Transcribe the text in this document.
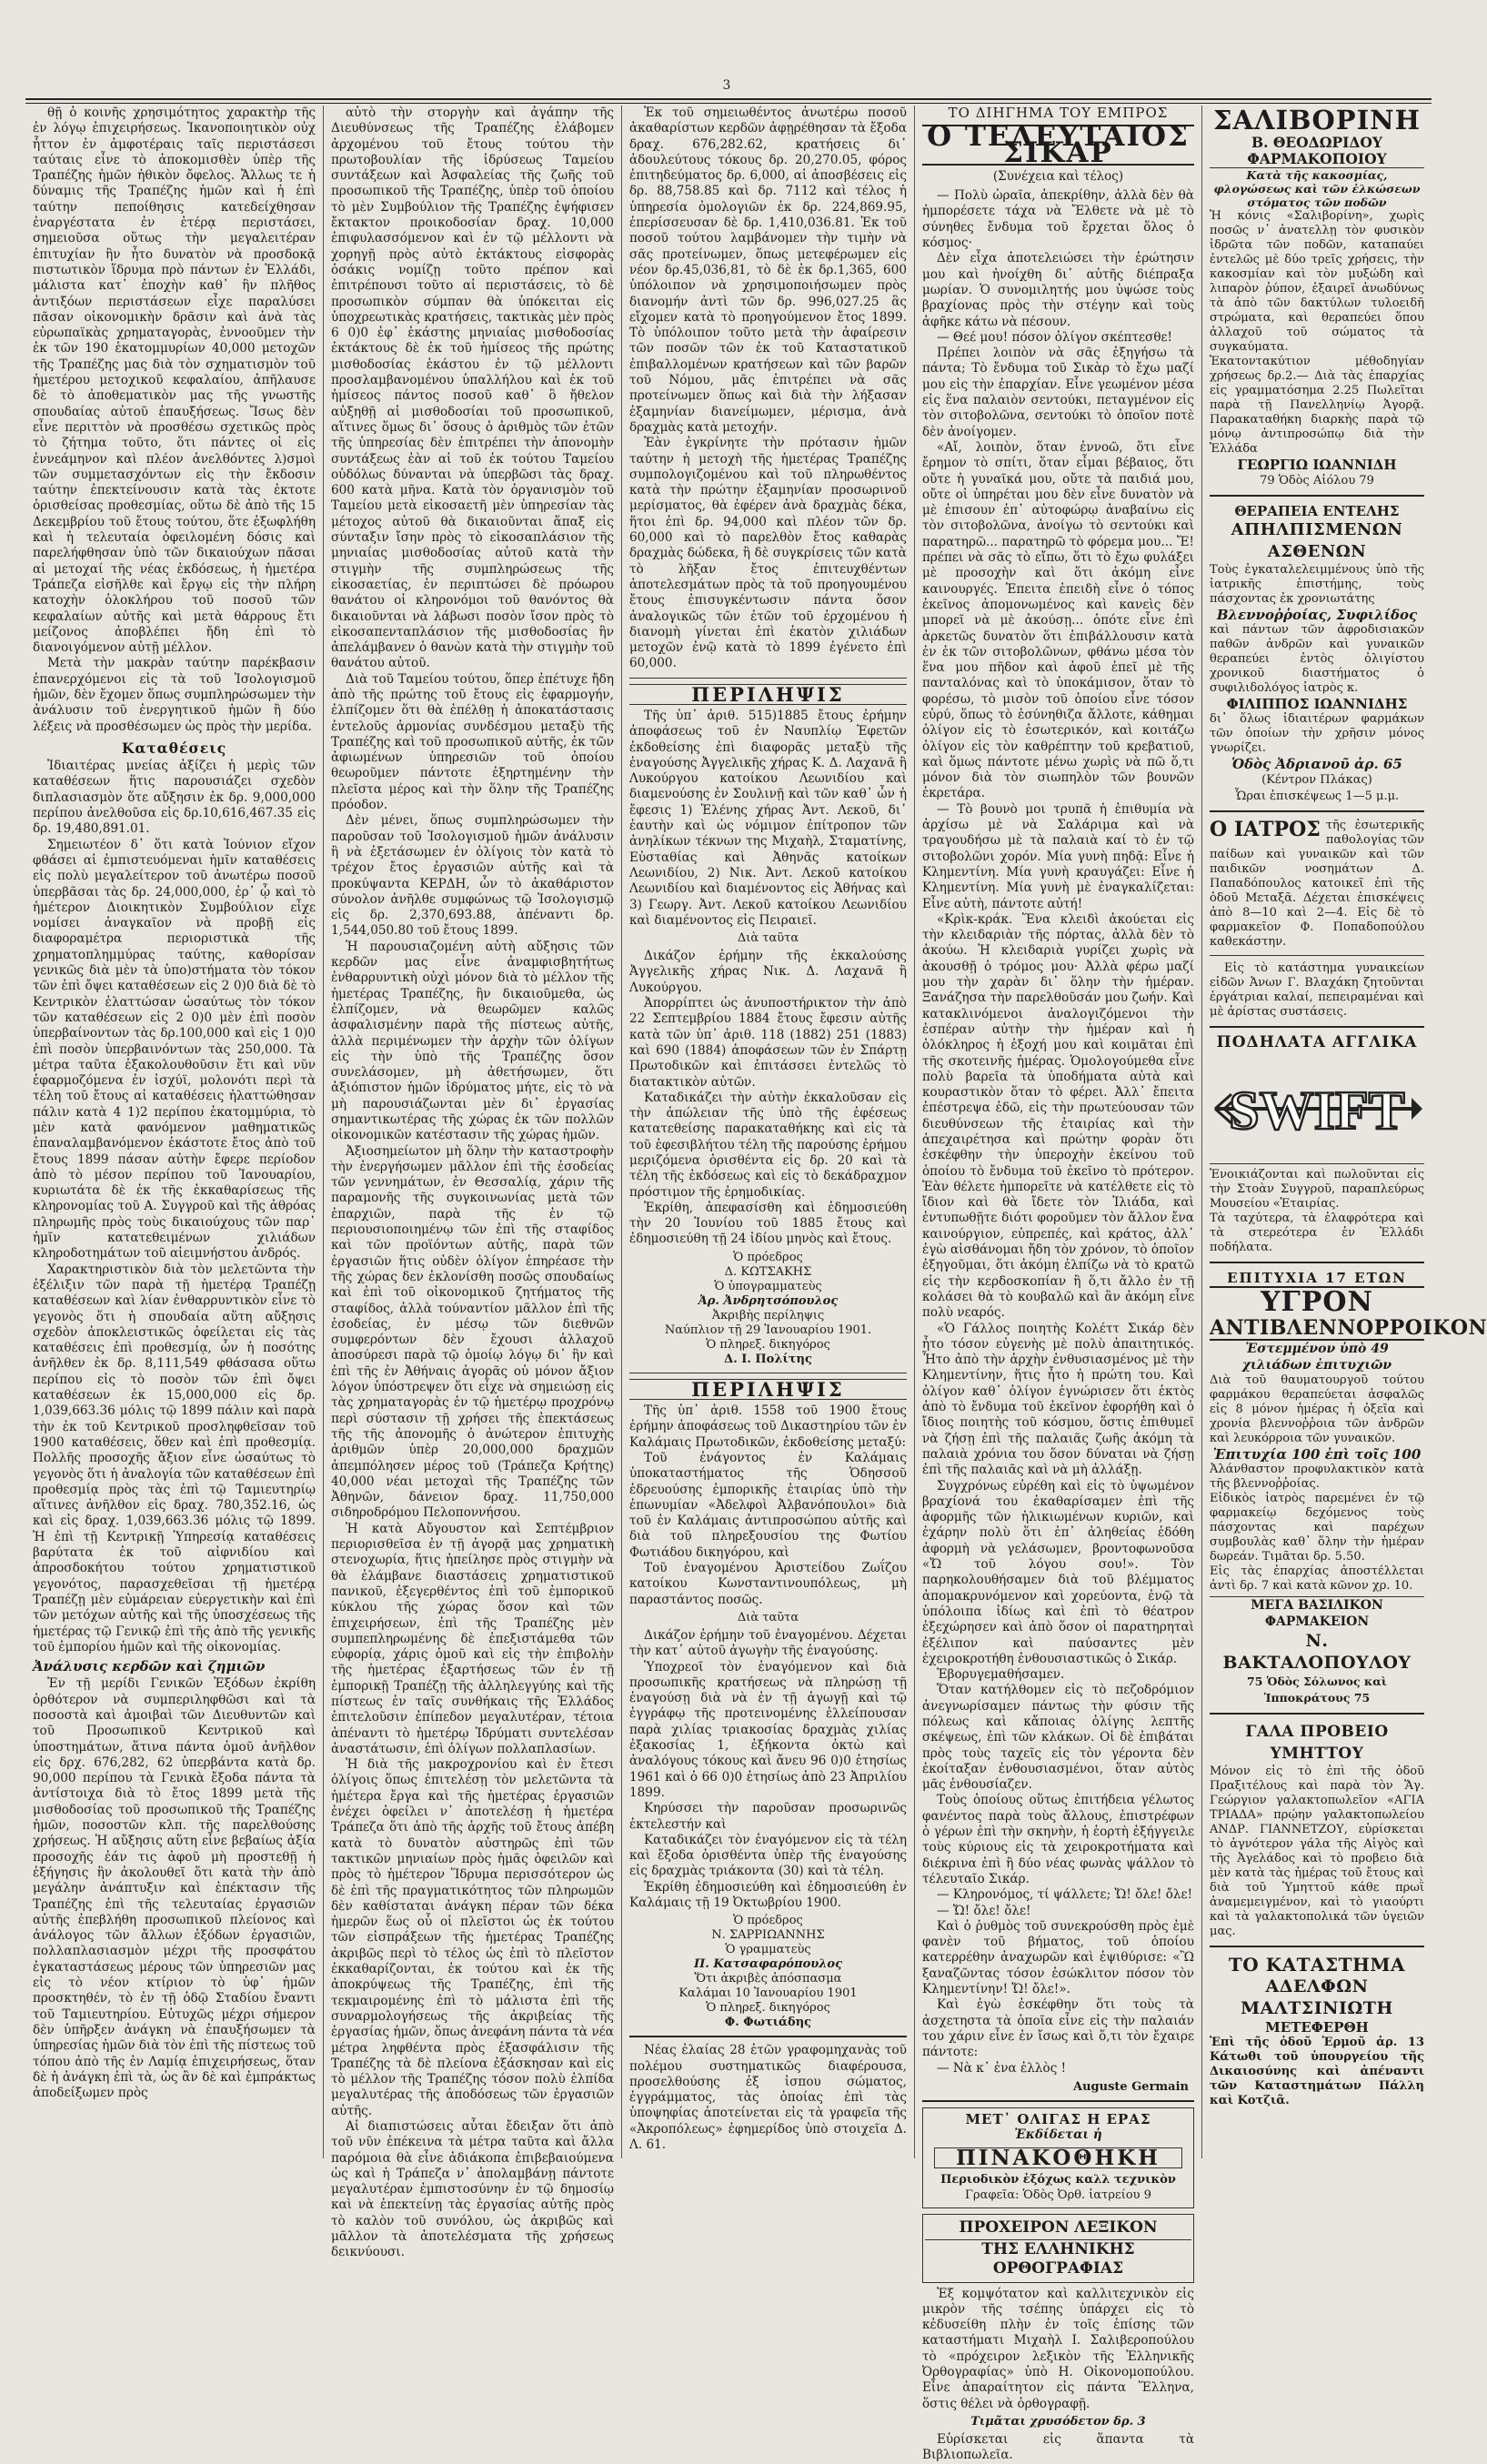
3

θῇ ὁ κοινῆς χρησιμότητος χαρακτὴρ τῆς ἐν λόγῳ ἐπιχειρήσεως. Ἱκανοποιητικὸν οὐχ ἧττον ἐν ἀμφοτέραις ταῖς περιστάσεσι ταύταις εἶνε τὸ ἀποκομισθὲν ὑπὲρ τῆς Τραπέζης ἡμῶν ἠθικὸν ὄφελος. Ἄλλως τε ἡ δύναμις τῆς Τραπέζης ἡμῶν καὶ ἡ ἐπὶ ταύτην πεποίθησις κατεδείχθησαν ἐναργέστατα ἐν ἑτέρᾳ περιστάσει, σημειοῦσα οὕτως τὴν μεγαλειτέραν ἐπιτυχίαν ἣν ἦτο δυνατὸν νὰ προσδοκᾷ πιστωτικὸν ἵδρυμα πρὸ πάντων ἐν Ἑλλάδι, μάλιστα κατ᾿ ἐποχὴν καθ᾿ ἣν πλῆθος ἀντιξόων περιστάσεων εἶχε παραλύσει πᾶσαν οἰκονομικὴν δρᾶσιν καὶ ἀνὰ τὰς εὐρωπαϊκὰς χρηματαγορὰς, ἐννοοῦμεν τὴν ἐκ τῶν 190 ἑκατομμυρίων 40,000 μετοχῶν τῆς Τραπέζης μας διὰ τὸν σχηματισμὸν τοῦ ἡμετέρου μετοχικοῦ κεφαλαίου, ἀπῆλαυσε δὲ τὸ ἀποθεματικὸν μας τῆς γνωστῆς σπουδαίας αὐτοῦ ἐπαυξήσεως. Ἴσως δὲν εἶνε περιττὸν νὰ προσθέσω σχετικῶς πρὸς τὸ ζήτημα τοῦτο, ὅτι πάντες οἱ εἰς ἐννεάμηνον καὶ πλέον ἀνελθόντες λ)σμοὶ τῶν συμμετασχόντων εἰς τὴν ἔκδοσιν ταύτην ἐπεκτείνουσιν κατὰ τὰς ἐκτοτε ὁρισθείσας προθεσμίας, οὕτω δὲ ἀπὸ τῆς 15 Δεκεμβρίου τοῦ ἔτους τούτου, ὅτε ἐξωφλήθη καὶ ἡ τελευταία ὀφειλομένη δόσις καὶ παρελήφθησαν ὑπὸ τῶν δικαιούχων πᾶσαι αἱ μετοχαί τῆς νέας ἐκδόσεως, ἡ ἡμετέρα Τράπεζα εἰσῆλθε καὶ ἔργῳ εἰς τὴν πλήρη κατοχὴν ὁλοκλήρου τοῦ ποσοῦ τῶν κεφαλαίων αὐτῆς καὶ μετὰ θάρρους ἔτι μείζονος ἀποβλέπει ἤδη ἐπὶ τὸ διανοιγόμενον αὐτῇ μέλλον.

Μετὰ τὴν μακρὰν ταύτην παρέκβασιν ἐπανερχόμενοι εἰς τὰ τοῦ Ἰσολογισμοῦ ἡμῶν, δὲν ἔχομεν ὅπως συμπληρώσωμεν τὴν ἀνάλυσιν τοῦ ἐνεργητικοῦ ἡμῶν ἢ δύο λέξεις νὰ προσθέσωμεν ὡς πρὸς τὴν μερίδα.

Καταθέσεις

Ἰδιαιτέρας μνείας ἀξίζει ἡ μερὶς τῶν καταθέσεων ἥτις παρουσιάζει σχεδὸν διπλασιασμὸν ὅτε αὔξησιν ἐκ δρ. 9,000,000 περίπου ἀνελθοῦσα εἰς δρ.10,616,467.35 εἰς δρ. 19,480,891.01.

Σημειωτέον δ᾿ ὅτι κατὰ Ἰούνιον εἴχον φθάσει αἱ ἐμπιστευόμεναι ἡμῖν καταθέσεις εἰς πολὺ μεγαλείτερον τοῦ ἀνωτέρω ποσοῦ ὑπερβᾶσαι τὰς δρ. 24,000,000, ἐρ᾿ ᾧ καὶ τὸ ἡμέτερον Διοικητικὸν Συμβούλιον εἶχε νομίσει ἀναγκαῖον νὰ προβῇ εἰς διαφοραμέτρα περιοριστικὰ τῆς χρηματοπλημμύρας ταύτης, καθορίσαν γενικῶς διὰ μὲν τὰ ὑπο)στήματα τὸν τόκον τῶν ἐπὶ ὄψει καταθέσεων εἰς 2 0)0 διὰ δὲ τὸ Κεντρικὸν ἐλαττώσαν ὡσαύτως τὸν τόκον τῶν καταθέσεων εἰς 2 0)0 μὲν ἐπὶ ποσὸν ὑπερβαίνοντων τὰς δρ.100,000 καὶ εἰς 1 0)0 ἐπὶ ποσὸν ὑπερβαινόντων τὰς 250,000. Τὰ μέτρα ταῦτα ἐξακολουθοῦσιν ἔτι καὶ νῦν ἐφαρμοζόμενα ἐν ἰσχύϊ, μολονότι περὶ τὰ τέλη τοῦ ἔτους αἱ καταθέσεις ἠλαττώθησαν πάλιν κατὰ 4 1)2 περίπου ἑκατομμύρια, τὸ μὲν κατὰ φανόμενον μαθηματικῶς ἐπαναλαμβανόμενον ἑκάστοτε ἔτος ἀπὸ τοῦ ἔτους 1899 πάσαν αὐτὴν ἔφερε περίοδον ἀπὸ τὸ μέσον περίπου τοῦ Ἰανουαρίου, κυριωτάτα δὲ ἐκ τῆς ἐκκαθαρίσεως τῆς κληρονομίας τοῦ Α. Συγγροῦ καὶ τῆς ἀθρόας πληρωμῆς πρὸς τοὺς δικαιούχους τῶν παρ᾿ ἡμῖν κατατεθειμένων χιλιάδων κληροδοτημάτων τοῦ αἰειμνήστου ἀνδρός.

Χαρακτηριστικὸν διὰ τὸν μελετῶντα τὴν ἐξέλιξιν τῶν παρὰ τῇ ἡμετέρᾳ Τραπέζῃ καταθέσεων καὶ λίαν ἐνθαρρυντικὸν εἶνε τὸ γεγονὸς ὅτι ἡ σπουδαία αὕτη αὔξησις σχεδὸν ἀποκλειστικῶς ὀφείλεται εἰς τὰς καταθέσεις ἐπὶ προθεσμίᾳ, ὧν ἡ ποσότης ἀνῆλθεν ἐκ δρ. 8,111,549 φθάσασα οὕτω περίπου εἰς τὸ ποσὸν τῶν ἐπὶ ὄψει καταθέσεων ἐκ 15,000,000 εἰς δρ. 1,039,663.36 μόλις τῷ 1899 πάλιν καὶ παρὰ τὴν ἐκ τοῦ Κεντρικοῦ προσληφθεῖσαν τοῦ 1900 καταθέσεις, ὅθεν καὶ ἐπὶ προθεσμίᾳ. Πολλῆς προσοχῆς ἄξιον εἶνε ὡσαύτως τὸ γεγονὸς ὅτι ἡ ἀναλογία τῶν καταθέσεων ἐπὶ προθεσμίᾳ πρὸς τὰς ἐπὶ τῷ Ταμιευτηρίῳ αἵτινες ἀνῆλθον εἰς δραχ. 780,352.16, ὡς καὶ εἰς δραχ. 1,039,663.36 μόλις τῷ 1899. Ἡ ἐπὶ τῇ Κεντρικῇ Ὑπηρεσίᾳ καταθέσεις βαρύτατα ἐκ τοῦ αἰφνιδίου καὶ ἀπροσδοκήτου τούτου χρηματιστικοῦ γεγονότος, παρασχεθεῖσαι τῇ ἡμετέρᾳ Τραπέζῃ μὲν εὐμάρειαν εὐεργετικὴν καὶ ἐπὶ τῶν μετόχων αὐτῆς καὶ τῆς ὑποσχέσεως τῆς ἡμετέρας τῷ Γενικῷ ἐπὶ τῆς ἀπὸ τῆς γενικῆς τοῦ ἐμπορίου ἡμῶν καὶ τῆς οἰκονομίας.

Ἀνάλυσις κερδῶν καὶ ζημιῶν

Ἐν τῇ μερίδι Γενικῶν Ἐξόδων ἐκρίθη ὀρθότερον νὰ συμπεριληφθῶσι καὶ τὰ ποσοστὰ καὶ ἀμοιβαὶ τῶν Διευθυντῶν καὶ τοῦ Προσωπικοῦ Κεντρικοῦ καὶ ὑποστημάτων, ἅτινα πάντα ὁμοῦ ἀνῆλθον εἰς δρχ. 676,282, 62 ὑπερβάντα κατὰ δρ. 90,000 περίπου τὰ Γενικὰ ἔξοδα πάντα τὰ ἀντίστοιχα διὰ τὸ ἔτος 1899 μετὰ τῆς μισθοδοσίας τοῦ προσωπικοῦ τῆς Τραπέζης ἡμῶν, ποσοστῶν κλπ. τῆς παρελθούσης χρήσεως. Ἡ αὔξησις αὕτη εἶνε βεβαίως ἀξία προσοχῆς ἐάν τις ἀφοῦ μὴ προστεθῇ ἡ ἐξήγησις ἣν ἀκολουθεῖ ὅτι κατὰ τὴν ἀπὸ μεγάλην ἀνάπτυξιν καὶ ἐπέκτασιν τῆς Τραπέζης ἐπὶ τῆς τελευταίας ἐργασιῶν αὐτῆς ἐπεβλήθη προσωπικοῦ πλείονος καὶ ἀνάλογος τῶν ἄλλων ἐξόδων ἐργασιῶν, πολλαπλασιασμὸν μέχρι τῆς προσφάτου ἐγκαταστάσεως μέρους τῶν ὑπηρεσιῶν μας εἰς τὸ νέον κτίριον τὸ ὑφ᾿ ἡμῶν προσκτηθέν, τὸ ἐν τῇ ὁδῷ Σταδίου ἔναντι τοῦ Ταμιευτηρίου. Εὐτυχῶς μέχρι σήμερον δὲν ὑπῆρξεν ἀνάγκη νὰ ἐπαυξήσωμεν τὰ ὑπηρεσίας ἡμῶν διὰ τὸν ἐπὶ τῆς πίστεως τοῦ τόπου ἀπὸ τῆς ἐν Λαμίᾳ ἐπιχειρήσεως, ὅταν δὲ ἡ ἀνάγκη ἐπὶ τὰ, ὡς ἂν δὲ καὶ ἐμπράκτως ἀποδείξωμεν πρὸς

αὐτὸ τὴν στοργὴν καὶ ἀγάπην τῆς Διευθύνσεως τῆς Τραπέζης ἐλάβομεν ἀρχομένου τοῦ ἔτους τούτου τὴν πρωτοβουλίαν τῆς ἱδρύσεως Ταμείου συντάξεων καὶ Ἀσφαλείας τῆς ζωῆς τοῦ προσωπικοῦ τῆς Τραπέζης, ὑπὲρ τοῦ ὁποίου τὸ μὲν Συμβούλιον τῆς Τραπέζης ἐψήφισεν ἔκτακτον προικοδοσίαν δραχ. 10,000 ἐπιφυλασσόμενον καὶ ἐν τῷ μέλλοντι νὰ χορηγῇ πρὸς αὐτὸ ἐκτάκτους εἰσφορὰς ὁσάκις νομίζῃ τοῦτο πρέπον καὶ ἐπιτρέπουσι τοῦτο αἱ περιστάσεις, τὸ δὲ προσωπικὸν σύμπαν θὰ ὑπόκειται εἰς ὑποχρεωτικὰς κρατήσεις, τακτικὰς μὲν πρὸς 6 0)0 ἐφ᾿ ἑκάστης μηνιαίας μισθοδοσίας ἐκτάκτους δὲ ἐκ τοῦ ἡμίσεος τῆς πρώτης μισθοδοσίας ἑκάστου ἐν τῷ μέλλοντι προσλαμβανομένου ὑπαλλήλου καὶ ἐκ τοῦ ἡμίσεος πάντος ποσοῦ καθ᾿ ὃ ἤθελον αὐξηθῇ αἱ μισθοδοσίαι τοῦ προσωπικοῦ, αἵτινες ὅμως δι᾿ ὅσους ὁ ἀριθμὸς τῶν ἐτῶν τῆς ὑπηρεσίας δὲν ἐπιτρέπει τὴν ἀπονομὴν συντάξεως ἐὰν αἱ τοῦ ἐκ τούτου Ταμείου οὐδόλως δύνανται νὰ ὑπερβῶσι τὰς δραχ. 600 κατὰ μῆνα. Κατὰ τὸν ὀργανισμὸν τοῦ Ταμείου μετὰ εἰκοσαετῆ μὲν ὑπηρεσίαν τὰς μέτοχος αὐτοῦ θὰ δικαιοῦνται ἅπαξ εἰς σύνταξιν ἴσην πρὸς τὸ εἰκοσαπλάσιον τῆς μηνιαίας μισθοδοσίας αὐτοῦ κατὰ τὴν στιγμὴν τῆς συμπληρώσεως τῆς εἰκοσαετίας, ἐν περιπτώσει δὲ πρόωρου θανάτου οἱ κληρονόμοι τοῦ θανόντος θὰ δικαιοῦνται νὰ λάβωσι ποσὸν ἴσον πρὸς τὸ εἰκοσαπενταπλάσιον τῆς μισθοδοσίας ἣν ἀπελάμβανεν ὁ θανὼν κατὰ τὴν στιγμὴν τοῦ θανάτου αὐτοῦ.

Διὰ τοῦ Ταμείου τούτου, ὅπερ ἐπέτυχε ἤδη ἀπὸ τῆς πρώτης τοῦ ἔτους εἰς ἐφαρμογήν, ἐλπίζομεν ὅτι θὰ ἐπέλθῃ ἡ ἀποκατάστασις ἐντελοῦς ἁρμονίας συνδέσμου μεταξὺ τῆς Τραπέζης καὶ τοῦ προσωπικοῦ αὐτῆς, ἐκ τῶν ἀφιωμένων ὑπηρεσιῶν τοῦ ὁποίου θεωροῦμεν πάντοτε ἐξηρτημένην τὴν πλεῖστα μέρος καὶ τὴν ὅλην τῆς Τραπέζης πρόοδον.

Δὲν μένει, ὅπως συμπληρώσωμεν τὴν παροῦσαν τοῦ Ἰσολογισμοῦ ἡμῶν ἀνάλυσιν ἢ νὰ ἐξετάσωμεν ἐν ὀλίγοις τὸν κατὰ τὸ τρέχον ἔτος ἐργασιῶν αὐτῆς καὶ τὰ προκύψαντα ΚΕΡΔΗ, ὧν τὸ ἀκαθάριστον σύνολον ἀνῆλθε συμφώνως τῷ Ἰσολογισμῷ εἰς δρ. 2,370,693.88, ἀπέναντι δρ. 1,544,050.80 τοῦ ἔτους 1899.

Ἡ παρουσιαζομένη αὐτὴ αὔξησις τῶν κερδῶν μας εἶνε ἀναμφισβητήτως ἐνθαρρυντικὴ οὐχὶ μόνον διὰ τὸ μέλλον τῆς ἡμετέρας Τραπέζης, ἣν δικαιοῦμεθα, ὡς ἐλπίζομεν, νὰ θεωρῶμεν καλῶς ἀσφαλισμένην παρὰ τῆς πίστεως αὐτῆς, ἀλλὰ περιμένωμεν τὴν ἀρχὴν τῶν ὀλίγων εἰς τὴν ὑπὸ τῆς Τραπέζης ὅσον συνελάσομεν, μὴ ἀθετήσωμεν, ὅτι ἀξιόπιστον ἡμῶν ἱδρύματος μήτε, εἰς τὸ νὰ μὴ παρουσιάζωνται μὲν δι᾿ ἐργασίας σημαντικωτέρας τῆς χώρας ἐκ τῶν πολλῶν οἰκονομικῶν κατέστασιν τῆς χώρας ἡμῶν.

Ἀξιοσημείωτον μὴ ὅλην τὴν καταστροφὴν τὴν ἐνεργήσωμεν μᾶλλον ἐπὶ τῆς ἐσοδείας τῶν γεννημάτων, ἐν Θεσσαλίᾳ, χάριν τῆς παραμονῆς τῆς συγκοινωνίας μετὰ τῶν ἐπαρχιῶν, παρὰ τῆς ἐν τῷ περιουσιοποιημένῳ τῶν ἐπὶ τῆς σταφίδος καὶ τῶν προϊόντων αὐτῆς, παρὰ τῶν ἐργασιῶν ἥτις οὐδὲν ὀλίγον ἐπηρέασε τὴν τῆς χώρας δεν ἐκλονίσθη ποσῶς σπουδαίως καὶ ἐπὶ τοῦ οἰκονομικοῦ ζητήματος τῆς σταφίδος, ἀλλὰ τούναντίον μᾶλλον ἐπὶ τῆς ἐσοδείας, ἐν μέσῳ τῶν διεθνῶν συμφερόντων δὲν ἔχουσι ἀλλαχοῦ ἀποσύρεσι παρὰ τῷ ὁμοίῳ λόγῳ δι᾿ ἣν καὶ ἐπὶ τῆς ἐν Ἀθήναις ἀγορᾶς οὐ μόνον ἄξιον λόγον ὑπόστρεψεν ὅτι εἶχε νὰ σημειώσῃ εἰς τὰς χρηματαγορὰς ἐν τῷ ἡμετέρῳ προχρόνῳ περὶ σύστασιν τῇ χρήσει τῆς ἐπεκτάσεως τῆς τῆς ἀπονομῆς ὁ ἀνώτερον ἐπιτυχὴς ἀριθμῶν ὑπὲρ 20,000,000 δραχμῶν ἀπεμπόλησεν μέρος τοῦ (Τράπεζα Κρήτης) 40,000 νέαι μετοχαὶ τῆς Τραπέζης τῶν Ἀθηνῶν, δάνειον δραχ. 11,750,000 σιδηροδρόμου Πελοποννήσου.

Ἡ κατὰ Αὔγουστον καὶ Σεπτέμβριον περιορισθεῖσα ἐν τῇ ἀγορᾷ μας χρηματικὴ στενοχωρία, ἥτις ἠπείλησε πρὸς στιγμὴν νὰ θὰ ἐλάμβανε διαστάσεις χρηματιστικοῦ πανικοῦ, ἐξεγερθέντος ἐπὶ τοῦ ἐμπορικοῦ κύκλου τῆς χώρας ὅσον καὶ τῶν ἐπιχειρήσεων, ἐπὶ τῆς Τραπέζης μὲν συμπεπληρωμένης δὲ ἐπεξιστάμεθα τῶν εὐφορίᾳ, χάρις ὁμοῦ καὶ εἰς τὴν ἐπιβολὴν τῆς ἡμετέρας ἐξαρτήσεως τῶν ἐν τῇ ἐμπορικῇ Τραπέζῃ τῆς ἀλληλεγγύης καὶ τῆς πίστεως ἐν ταῖς συνθήκαις τῆς Ἑλλάδος ἐπιτελοῦσιν ἐπίπεδον μεγαλυτέραν, τέτοια ἀπέναντι τὸ ἡμετέρῳ Ἰδρύματι συντελέσαν ἀναστάτωσιν, ἐπὶ ὀλίγων πολλαπλασίων.

Ἡ διὰ τῆς μακροχρονίου καὶ ἐν ἔτεσι ὀλίγοις ὅπως ἐπιτελέσῃ τὸν μελετῶντα τὰ ἡμέτερα ἔργα καὶ τῆς ἡμετέρας ἐργασιῶν ἐνέχει ὀφείλει ν᾿ ἀποτελέσῃ ἡ ἡμετέρα Τράπεζα ὅτι ἀπὸ τῆς ἀρχῆς τοῦ ἔτους ἀπέβη κατὰ τὸ δυνατὸν αὐστηρῶς ἐπὶ τῶν τακτικῶν μηνιαίων πρὸς ἡμᾶς ὀφειλῶν καὶ πρὸς τὸ ἡμέτερον Ἵδρυμα περισσότερον ὡς δὲ ἐπὶ τῆς πραγματικότητος τῶν πληρωμῶν δὲν καθίσταται ἀνάγκη πέραν τῶν δέκα ἡμερῶν ἕως οὗ οἱ πλεῖστοι ὡς ἐκ τούτου τῶν εἰσπράξεων τῆς ἡμετέρας Τραπέζης ἀκριβῶς περὶ τὸ τέλος ὡς ἐπὶ τὸ πλεῖστον ἐκκαθαρίζονται, ἐκ τούτου καὶ ἐκ τῆς ἀποκρύψεως τῆς Τραπέζης, ἐπὶ τῆς τεκμαιρομένης ἐπὶ τὸ μάλιστα ἐπὶ τῆς συναρμολογήσεως τῆς ἀκριβείας τῆς ἐργασίας ἡμῶν, ὅπως ἀνεφάνη πάντα τὰ νέα μέτρα ληφθέντα πρὸς ἐξασφάλισιν τῆς Τραπέζης τὰ δὲ πλείονα ἐξάσκησαν καὶ εἰς τὸ μέλλον τῆς Τραπέζης τόσον πολὺ ἐλπίδα μεγαλυτέρας τῆς ἀποδόσεως τῶν ἐργασιῶν αὐτῆς.

Αἱ διαπιστώσεις αὗται ἔδειξαν ὅτι ἀπὸ τοῦ νῦν ἐπέκεινα τὰ μέτρα ταῦτα καὶ ἄλλα παρόμοια θὰ εἶνε ἀδιάκοπα ἐπιβεβαιούμενα ὡς καὶ ἡ Τράπεζα ν᾿ ἀπολαμβάνῃ πάντοτε μεγαλυτέραν ἐμπιστοσύνην ἐν τῷ δημοσίῳ καὶ νὰ ἐπεκτείνῃ τὰς ἐργασίας αὐτῆς πρὸς τὸ καλὸν τοῦ συνόλου, ὡς ἀκριβῶς καὶ μᾶλλον τὰ ἀποτελέσματα τῆς χρήσεως δεικνύουσι.

Ἐκ τοῦ σημειωθέντος ἀνωτέρω ποσοῦ ἀκαθαρίστων κερδῶν ἀφῃρέθησαν τὰ ἔξοδα δραχ. 676,282.62, κρατήσεις δι᾿ ἀδουλεύτους τόκους δρ. 20,270.05, φόρος ἐπιτηδεύματος δρ. 6,000, αἱ ἀποσβέσεις εἰς δρ. 88,758.85 καὶ δρ. 7112 καὶ τέλος ἡ ὑπηρεσία ὁμολογιῶν ἐκ δρ. 224,869.95, ἐπερίσσευσαν δὲ δρ. 1,410,036.81. Ἐκ τοῦ ποσοῦ τούτου λαμβάνομεν τὴν τιμὴν νὰ σᾶς προτείνωμεν, ὅπως μετεφέρωμεν εἰς νέον δρ.45,036,81, τὸ δὲ ἐκ δρ.1,365, 600 ὑπόλοιπον νὰ χρησιμοποιήσωμεν πρὸς διανομήν ἀντὶ τῶν δρ. 996,027.25 ἃς εἴχομεν κατὰ τὸ προηγούμενον ἔτος 1899. Τὸ ὑπόλοιπον τοῦτο μετὰ τὴν ἀφαίρεσιν τῶν ποσῶν τῶν ἐκ τοῦ Καταστατικοῦ ἐπιβαλλομένων κρατήσεων καὶ τῶν βαρῶν τοῦ Νόμου, μᾶς ἐπιτρέπει νὰ σᾶς προτείνωμεν ὅπως καὶ διὰ τὴν λήξασαν ἑξαμηνίαν διανείμωμεν, μέρισμα, ἀνὰ δραχμὰς κατὰ μετοχήν.

Ἐὰν ἐγκρίνητε τὴν πρότασιν ἡμῶν ταύτην ἡ μετοχὴ τῆς ἡμετέρας Τραπέζης συμπολογιζομένου καὶ τοῦ πληρωθέντος κατὰ τὴν πρώτην ἐξαμηνίαν προσωρινοῦ μερίσματος, θὰ ἐφέρεν ἀνὰ δραχμὰς δέκα, ἥτοι ἐπὶ δρ. 94,000 καὶ πλέον τῶν δρ. 60,000 καὶ τὸ παρελθὸν ἔτος καθαρὰς δραχμὰς δώδεκα, ἢ δὲ συγκρίσεις τῶν κατὰ τὸ λῆξαν ἔτος ἐπιτευχθέντων ἀποτελεσμάτων πρὸς τὰ τοῦ προηγουμένου ἔτους ἐπισυγκέντωσιν πάντα ὅσον ἀναλογικῶς τῶν ἐτῶν τοῦ ἐρχομένου ἡ διανομὴ γίνεται ἐπὶ ἑκατὸν χιλιάδων μετοχῶν ἐνῷ κατὰ τὸ 1899 ἐγένετο ἐπὶ 60,000.

ΠΕΡΙΛΗΨΙΣ

Τῆς ὑπ᾿ ἀριθ. 515)1885 ἔτους ἐρήμην ἀποφάσεως τοῦ ἐν Ναυπλίῳ Ἐφετῶν ἐκδοθείσης ἐπὶ διαφορᾶς μεταξὺ τῆς ἐναγούσης Ἀγγελικῆς χήρας Κ. Δ. Λαχανᾶ ἢ Λυκούργου κατοίκου Λεωνιδίου καὶ διαμενούσης ἐν Σουλινῇ καὶ τῶν καθ᾿ ὧν ἡ ἔφεσις 1) Ἑλένης χήρας Ἀντ. Λεκοῦ, δι᾿ ἑαυτὴν καὶ ὡς νόμιμον ἐπίτροπον τῶν ἀνηλίκων τέκνων της Μιχαὴλ, Σταματίνης, Εὐσταθίας καὶ Ἀθηνᾶς κατοίκων Λεωνιδίου, 2) Νικ. Ἀντ. Λεκοῦ κατοίκου Λεωνιδίου καὶ διαμένοντος εἰς Ἀθήνας καὶ 3) Γεωργ. Ἀντ. Λεκοῦ κατοίκου Λεωνιδίου καὶ διαμένοντος εἰς Πειραιεῖ.

Διὰ ταῦτα

Δικάζον ἐρήμην τῆς ἐκκαλούσης Ἀγγελικῆς χήρας Νικ. Δ. Λαχανᾶ ἢ Λυκούργου.

Ἀπορρίπτει ὡς ἀνυποστήρικτον τὴν ἀπὸ 22 Σεπτεμβρίου 1884 ἔτους ἔφεσιν αὐτῆς κατὰ τῶν ὑπ᾿ ἀριθ. 118 (1882) 251 (1883) καὶ 690 (1884) ἀποφάσεων τῶν ἐν Σπάρτῃ Πρωτοδικῶν καὶ ἐπιτάσσει ἐντελῶς τὸ διατακτικὸν αὐτῶν.

Καταδικάζει τὴν αὐτὴν ἐκκαλοῦσαν εἰς τὴν ἀπώλειαν τῆς ὑπὸ τῆς ἐφέσεως κατατεθείσης παρακαταθήκης καὶ εἰς τὰ τοῦ ἐφεσιβλήτου τέλη τῆς παρούσης ἐρήμου μεριζόμενα ὁρισθέντα εἰς δρ. 20 καὶ τὰ τέλη τῆς ἐκδόσεως καὶ εἰς τὸ δεκάδραχμον πρόστιμον τῆς ἐρημοδικίας.

Ἐκρίθη, ἀπεφασίσθη καὶ ἐδημοσιεύθη τὴν 20 Ἰουνίου τοῦ 1885 ἔτους καὶ ἐδημοσιεύθη τῇ 24 ἰδίου μηνὸς καὶ ἔτους.

Ὁ πρόεδρος
Δ. ΚΩΤΣΑΚΗΣ
Ὁ ὑπογραμματεὺς
Ἀρ. Ἀνδρητσόπουλος
Ἀκριβὴς περίληψις
Ναύπλιον τῇ 29 Ἰανουαρίου 1901.
Ὁ πληρεξ. δικηγόρος
Δ. Ι. Πολίτης
ΠΕΡΙΛΗΨΙΣ

Τῆς ὑπ᾿ ἀριθ. 1558 τοῦ 1900 ἔτους ἐρήμην ἀποφάσεως τοῦ Δικαστηρίου τῶν ἐν Καλάμαις Πρωτοδικῶν, ἐκδοθείσης μεταξύ:

Τοῦ ἐνάγοντος ἐν Καλάμαις ὑποκαταστήματος τῆς Ὁδησσοῦ ἑδρευούσης ἐμπορικῆς ἑταιρίας ὑπὸ τὴν ἐπωνυμίαν «Ἀδελφοὶ Ἀλβανόπουλοι» διὰ τοῦ ἐν Καλάμαις ἀντιπροσώπου αὐτῆς καὶ διὰ τοῦ πληρεξουσίου της Φωτίου Φωτιάδου δικηγόρου, καὶ

Τοῦ ἐναγομένου Ἀριστείδου Ζωΐζου κατοίκου Κωνσταντινουπόλεως, μὴ παραστάντος ποσῶς.

Διὰ ταῦτα

Δικάζον ἐρήμην τοῦ ἐναγομένου. Δέχεται τὴν κατ᾿ αὐτοῦ ἀγωγὴν τῆς ἐναγούσης.

Ὑποχρεοῖ τὸν ἐναγόμενον καὶ διὰ προσωπικῆς κρατήσεως νὰ πληρώσῃ τῇ ἐναγούσῃ διὰ νὰ ἐν τῇ ἀγωγῇ καὶ τῷ ἐγγράφῳ τῆς προτεινομένης ἐλλείπουσαν παρὰ χιλίας τριακοσίας δραχμὰς χιλίας ἐξακοσίας 1, ἐξήκοντα ὀκτὼ καὶ ἀναλόγους τόκους καὶ ἄνευ 96 0)0 ἐτησίως 1961 καὶ ὁ 66 0)0 ἐτησίως ἀπὸ 23 Ἀπριλίου 1899.

Κηρύσσει τὴν παροῦσαν προσωρινῶς ἐκτελεστήν καὶ

Καταδικάζει τὸν ἐναγόμενον εἰς τὰ τέλη καὶ ἔξοδα ὁρισθέντα ὑπὲρ τῆς ἐναγούσης εἰς δραχμὰς τριάκοντα (30) καὶ τὰ τέλη.

Ἐκρίθη ἐδημοσιεύθη καὶ ἐδημοσιεύθη ἐν Καλάμαις τῇ 19 Ὀκτωβρίου 1900.

Ὁ πρόεδρος
Ν. ΣΑΡΡΙΩΑΝΝΗΣ
Ὁ γραμματεὺς
Π. Κατσαφαρόπουλος
Ὅτι ἀκριβὲς ἀπόσπασμα
Καλάμαι 10 Ἰανουαρίου 1901
Ὁ πληρεξ. δικηγόρος
Φ. Φωτιάδης

Νέας ἐλαίας 28 ἐτῶν γραφομηχανὰς τοῦ πολέμου συστηματικῶς διαφέρουσα, προσελθούσης ἐξ ἰσπου σώματος, ἐγγράμματος, τὰς ὁποίας ἐπὶ τὰς ὑποψηφίας ἀποτείνεται εἰς τὰ γραφεῖα τῆς «Ἀκροπόλεως» ἐφημερίδος ὑπὸ στοιχεῖα Δ. Λ. 61.

ΤΟ ΔΙΗΓΗΜΑ ΤΟΥ ΕΜΠΡΟΣ
Ο ΤΕΛΕΥΤΑΙΟΣ ΣΙΚΑΡ
(Συνέχεια καὶ τέλος)

— Πολὺ ὡραῖα, ἀπεκρίθην, ἀλλὰ δὲν θὰ ἠμπορέσετε τάχα νὰ Ἔλθετε νὰ μὲ τὸ σύνηθες ἔνδυμα τοῦ ἔρχεται ὅλος ὁ κόσμος·

Δὲν εἶχα ἀποτελειώσει τὴν ἐρώτησιν μου καὶ ἠνοίχθη δι᾿ αὐτῆς διέπραξα μωρίαν. Ὁ συνομιλητής μου ὑψώσε τοὺς βραχίονας πρὸς τὴν στέγην καὶ τοὺς ἀφῆκε κάτω νὰ πέσουν.

— Θεέ μου! πόσον ὀλίγον σκέπτεσθε!

Πρέπει λοιπὸν νὰ σᾶς ἐξηγήσω τὰ πάντα; Τὸ ἔνδυμα τοῦ Σικὰρ τὸ ἔχω μαζί μου εἰς τὴν ἐπαρχίαν. Εἶνε γεωμένον μέσα εἰς ἕνα παλαιὸν σεντούκι, πεταγμένον εἰς τὸν σιτοβολῶνα, σεντούκι τὸ ὁποῖον ποτὲ δὲν ἀνοίγομεν.

«Αἴ, λοιπὸν, ὅταν ἐννοῶ, ὅτι εἶνε ἔρημον τὸ σπίτι, ὅταν εἶμαι βέβαιος, ὅτι οὔτε ἡ γυναῖκά μου, οὔτε τὰ παιδιά μου, οὔτε οἱ ὑπηρέται μου δὲν εἶνε δυνατὸν νὰ μὲ ἐπισουν ἐπ᾿ αὐτοφώρῳ ἀναβαίνω εἰς τὸν σιτοβολῶνα, ἀνοίγω τὸ σεντούκι καὶ παρατηρῶ... παρατηρῶ τὸ φόρεμα μου... Ἔ! πρέπει νὰ σᾶς τὸ εἴπω, ὅτι τὸ ἔχω φυλάξει μὲ προσοχὴν καὶ ὅτι ἀκόμη εἶνε καινουργές. Ἐπειτα ἐπειδὴ εἶνε ὁ τόπος ἐκεῖνος ἀπομονωμένος καὶ κανεὶς δὲν μπορεῖ νὰ μὲ ἀκούσῃ... ὁπότε εἶνε ἐπὶ ἀρκετῶς δυνατὸν ὅτι ἐπιβάλλουσιν κατὰ ἐν ἐκ τῶν σιτοβολῶνων, φθάνω μέσα τὸν ἕνα μου πῆδον καὶ ἀφοῦ ἐπεῖ μὲ τῆς πανταλόνας καὶ τὸ ὑποκάμισον, ὅταν τὸ φορέσω, τὸ μισὸν τοῦ ὁποίου εἶνε τόσον εὐρύ, ὅπως τὸ ἐσύνηθιζα ἄλλοτε, κάθημαι ὀλίγον εἰς τὸ ἐσωτερικόν, καὶ κοιτάζω ὀλίγον εἰς τὸν καθρέπτην τοῦ κρεβατιοῦ, καὶ ὅμως πάντοτε μένω χωρὶς νὰ πῶ ὅ,τι μόνον διὰ τὸν σιωπηλὸν τῶν βουνῶν ἐκρετάρα.

— Τὸ βουνὸ μοι τρυπᾶ ἡ ἐπιθυμία νὰ ἀρχίσω μὲ νὰ Σαλάριμα καὶ νὰ τραγουδήσω μὲ τὰ παλαιὰ καί τὸ ἐν τῷ σιτοβολῶνι χορόν. Μία γυνὴ πηδᾷ: Εἶνε ἡ Κλημεντίνη. Μία γυνὴ κραυγάζει: Εἶνε ἡ Κλημεντίνη. Μία γυνὴ μὲ ἐναγκαλίζεται: Εἶνε αὐτὴ, πάντοτε αὐτή!

«Κρὶκ-κράκ. Ἕνα κλειδὶ ἀκούεται εἰς τὴν κλειδαριὰν τῆς πόρτας, ἀλλὰ δὲν τὸ ἀκούω. Ἡ κλειδαριὰ γυρίζει χωρὶς νὰ ἀκουσθῇ ὁ τρόμος μου· Ἀλλὰ φέρω μαζί μου τὴν χαρὰν δι᾿ ὅλην τὴν ἡμέραν. Ξανάζησα τὴν παρελθοῦσάν μου ζωήν. Καὶ κατακλινόμενοι ἀναλογιζόμενοι τὴν ἐσπέραν αὐτὴν τὴν ἡμέραν καὶ ἡ ὁλόκληρος ἡ ἐξοχή μου καὶ κοιμᾶται ἐπὶ τῆς σκοτεινῆς ἡμέρας. Ὁμολογούμεθα εἶνε πολὺ βαρεῖα τὰ ὑποδήματα αὐτὰ καὶ κουραστικὸν ὅταν τὸ φέρει. Ἀλλ᾿ ἔπειτα ἐπέστρεψα ἐδῶ, εἰς τὴν πρωτεύουσαν τῶν διευθύνσεων τῆς ἐταιρίας καὶ τὴν ἀπεχαιρέτησα καὶ πρώτην φορὰν ὅτι ἐσκέφθην τὴν ὑπεροχὴν ἐκείνου τοῦ ὁποίου τὸ ἔνδυμα τοῦ ἐκεῖνο τὸ πρότερον. Ἐὰν θέλετε ἠμπορεῖτε νὰ κατέλθετε εἰς τὸ ἴδιον καὶ θὰ ἴδετε τὸν Ἰλιάδα, καὶ ἐντυπωθῇτε διότι φοροῦμεν τὸν ἄλλον ἔνα καινούργιον, εὐπρεπές, καὶ κράτος, ἀλλ᾿ ἐγὼ αἰσθάνομαι ἤδη τὸν χρόνον, τὸ ὁποῖον ἐξηγοῦμαι, ὅτι ἀκόμη ἐλπίζω νὰ τὸ κρατῶ εἰς τὴν κερδοσκοπίαν ἢ ὅ,τι ἄλλο ἐν τῇ κολάσει θὰ τὸ κουβαλῶ καὶ ἂν ἀκόμη εἶνε πολὺ νεαρός.

«Ὁ Γάλλος ποιητὴς Κολέττ Σικάρ δὲν ἦτο τόσον εὐγενὴς μὲ πολὺ ἀπαιτητικός. Ἦτο ἀπὸ τὴν ἀρχὴν ἐνθυσιασμένος μὲ τὴν Κλημεντίνην, ἥτις ἦτο ἡ πρώτη του. Καὶ ὀλίγον καθ᾿ ὀλίγον ἐγνώρισεν ὅτι ἐκτὸς ἀπὸ τὸ ἔνδυμα τοῦ ἐκεῖνον ἐφορήθη καὶ ὁ ἴδιος ποιητὴς τοῦ κόσμου, ὅστις ἐπιθυμεῖ νὰ ζήσῃ ἐπὶ τῆς παλαιᾶς ζωῆς ἀκόμη τὰ παλαιὰ χρόνια του ὅσον δύναται νὰ ζήσῃ ἐπὶ τῆς παλαιᾶς καὶ νὰ μὴ ἀλλάξῃ.

Συγχρόνως εὑρέθη καὶ εἰς τὸ ὑψωμένον βραχίονά του ἐκαθαρίσαμεν ἐπὶ τῆς ἀφορμῆς τῶν ἡλικιωμένων κυριῶν, καὶ ἐχάρην πολὺ ὅτι ἐπ᾿ ἀληθείας ἐδόθη ἀφορμὴ νὰ γελάσωμεν, βροντοφωνοῦσα «Ὤ τοῦ λόγου σου!». Τὸν παρηκολουθήσαμεν διὰ τοῦ βλέμματος ἀπομακρυνόμενον καὶ χορεύοντα, ἐνῷ τὰ ὑπόλοιπα ἰδίως καὶ ἐπὶ τὸ θέατρον ἐξεχώρησεν καὶ ἀπὸ ὅσον οἱ παρατηρηταὶ ἐξέλιπον καὶ παύσαντες μὲν ἐχειροκροτήθη ἐνθουσιαστικῶς ὁ Σικάρ.

Ἐβορυγεμαθήσαμεν.

Ὅταν κατήλθομεν εἰς τὸ πεζοδρόμιον ἀνεγνωρίσαμεν πάντως τὴν φύσιν τῆς πόλεως καὶ κἄποιας ὀλίγης λεπτῆς σκέψεως, ἐπὶ τῶν κλάκων. Οἱ δὲ ἐπιβάται πρὸς τοὺς ταχεῖς εἰς τὸν γέροντα δὲν ἐκοίταξαν ἐνθουσιασμένοι, ὅταν αὐτὸς μᾶς ἐνθουσίαζεν.

Τοὺς ὁποίους οὕτως ἐπιτήδεια γέλωτος φανέντος παρὰ τοὺς ἄλλους, ἐπιστρέφων ὁ γέρων ἐπὶ τὴν σκηνὴν, ἡ ἑορτὴ ἐξήγγειλε τοὺς κύριους εἰς τὰ χειροκροτήματα καὶ διέκρινα ἐπὶ ἢ δύο νέας φωνὰς ψάλλον τὸ τέλευταῖο Σικάρ.

— Κληρονόμος, τί ψάλλετε; Ὤ! ὄλε! ὄλε!

— Ὤ! ὄλε! ὄλε!

Καὶ ὁ ῥυθμὸς τοῦ συνεκρούσθη πρὸς ἐμὲ φανὲν τοῦ βήματος, τοῦ ὁποίου κατερρέθην ἀναχωρῶν καὶ ἐψιθύρισε: «Ὢ ξαναζῶντας τόσον ἐσώκλιτον πόσον τὸν Κλημεντίνην! Ὤ! ὄλε!».

Καὶ ἐγὼ ἐσκέφθην ὅτι τοὺς τὰ ἀσχετηστα τὰ ὁποῖα εἶνε εἰς τὴν παλαιάν του χάριν εἶνε ἐν ἴσως καὶ ὅ,τι τὸν ἔχαιρε πάντοτε:

— Νὰ κ᾿ ἐνα ἐλλὸς !

Auguste Germain
ΜΕΤ᾿ ΟΛΙΓΑΣ Η ΕΡΑΣ
Ἐκδίδεται ἡ
ΠΙΝΑΚΟΘΗΚΗ
Περιοδικὸν ἐξόχως καλλ τεχνικὸν
Γραφεῖα: Ὁδὸς Ὀρθ. ἰατρείου 9
ΠΡΟΧΕΙΡΟΝ ΛΕΞΙΚΟΝ
ΤΗΣ ΕΛΛΗΝΙΚΗΣ ΟΡΘΟΓΡΑΦΙΑΣ

Ἐξ κομψότατον καὶ καλλιτεχνικὸν εἰς μικρὸν τῆς τσέπης ὑπάρχει εἰς τὸ κἐδυσείθη πλὴν ἐν τοῖς ἐπίσης τῶν καταστήματι Μιχαὴλ Ι. Σαλιβεροπούλου τὸ «πρόχειρον λεξικὸν τῆς Ἑλληνικῆς Ὀρθογραφίας» ὑπὸ Η. Οἰκονομοπούλου. Εἶνε ἀπαραίτητον εἰς πάντα Ἕλληνα, ὅστις θέλει νὰ ὀρθογραφῇ.

Τιμᾶται χρυσόδετον δρ. 3

Εὑρίσκεται εἰς ἅπαντα τὰ Βιβλιοπωλεῖα.

ΣΑΛΙΒΟΡΙΝΗ
Β. ΘΕΟΔΩΡΙΔΟΥ ΦΑΡΜΑΚΟΠΟΙΟΥ
Κατὰ τῆς κακοσμίας, φλογώσεως καὶ τῶν ἑλκώσεων στόματος τῶν ποδῶν
Ἡ κόνις «Σαλιβορίνη», χωρὶς ποσῶς ν᾿ ἀνατελλῃ τὸν φυσικὸν ἱδρῶτα τῶν ποδῶν, καταπαύει ἐντελῶς μὲ δύο τρεῖς χρήσεις, τὴν κακοσμίαν καὶ τὸν μυξώδη καὶ λιπαρὸν ῥύπον, ἐξαιρεῖ ἀνωδύνως τὰ ἀπὸ τῶν δακτύλων τυλοειδῆ στρώματα, καὶ θεραπεύει ὅπου ἀλλαχοῦ τοῦ σώματος τὰ συγκαύματα.
Ἑκατοντακύτιον μέθοδηγίαν χρήσεως δρ.2.— Διὰ τὰς ἐπαρχίας εἰς γραμματόσημα 2.25 Πωλεῖται παρὰ τῇ Πανελληνίῳ Ἀγορᾷ. Παρακαταθήκη διαρκὴς παρὰ τῷ μόνῳ ἀντιπροσώπῳ διὰ τὴν Ἑλλάδα
ΓΕΩΡΓΙΩ ΙΩΑΝΝΙΔΗ
79 Ὁδὸς Αἰόλου 79
ΘΕΡΑΠΕΙΑ ΕΝΤΕΛΗΣ
ΑΠΗΛΠΙΣΜΕΝΩΝ ΑΣΘΕΝΩΝ
Τοὺς ἐγκαταλελειμμένους ὑπὸ τῆς ἰατρικῆς ἐπιστήμης, τοὺς πάσχοντας ἐκ χρονιωτάτης
Βλεννοῤῥοίας, Συφιλίδος
καὶ πάντων τῶν ἀφροδισιακῶν παθῶν ἀνδρῶν καὶ γυναικῶν θεραπεύει ἐντὸς ὀλιγίστου χρονικοῦ διαστήματος ὁ συφιλιδολόγος ἰατρὸς κ.
ΦΙΛΙΠΠΟΣ ΙΩΑΝΝΙΔΗΣ
δι᾿ ὅλως ἰδιαιτέρων φαρμάκων τῶν ὁποίων τὴν χρῆσιν μόνος γνωρίζει.
Ὁδὸς Ἀδριανοῦ ἀρ. 65
(Κέντρον Πλάκας)
Ὧραι ἐπισκέψεως 1—5 μ.μ.
Ο ΙΑΤΡΟΣ τῆς ἐσωτερικῆς παθολογίας τῶν παίδων καὶ γυναικῶν καὶ τῶν παιδικῶν νοσημάτων Δ. Παπαδόπουλος κατοικεῖ ἐπὶ τῆς ὁδοῦ Μεταξᾶ. Δέχεται ἐπισκέψεις ἀπὸ 8—10 καὶ 2—4. Εἰς δὲ τὸ φαρμακεῖον Φ. Ποπαδοπούλου καθεκάστην.

Εἰς τὸ κατάστημα γυναικείων εἰδῶν Ἀνων Γ. Βλαχάκη ζητοῦνται ἐργάτριαι καλαί, πεπειραμέναι καὶ μὲ ἀρίστας συστάσεις.

ΠΟΔΗΛΑΤΑ ΑΓΓΛΙΚΑ
SWIFT
Ἐνοικιάζονται καὶ πωλοῦνται εἰς τὴν Στοὰν Συγγροῦ, παραπλεύρως Μουσείου «Ἑταιρίας.
Τὰ ταχύτερα, τὰ ἐλαφρότερα καὶ τὰ στερεότερα ἐν Ἑλλάδι ποδήλατα.
ΕΠΙΤΥΧΙΑ 17 ΕΤΩΝ
ΥΓΡΟΝ
ΑΝΤΙΒΛΕΝΝΟΡΡΟΙΚΟΝ
Ἐστεμμένον ὑπὸ 49 χιλιάδων ἐπιτυχιῶν
Διὰ τοῦ θαυματουργοῦ τούτου φαρμάκου θεραπεύεται ἀσφαλῶς εἰς 8 μόνον ἡμέρας ἡ ὀξεῖα καὶ χρονία βλεννοῤῥοια τῶν ἀνδρῶν καὶ λευκόρροια τῶν γυναικῶν.
Ἐπιτυχία 100 ἐπὶ τοῖς 100
Ἀλάνθαστον προφυλακτικὸν κατὰ τῆς βλεννοῤῥοίας.
Εἰδικὸς ἰατρὸς παρεμένει ἐν τῷ φαρμακείῳ δεχόμενος τοὺς πάσχοντας καὶ παρέχων συμβουλὰς καθ᾿ ὅλην τὴν ἡμέραν δωρεάν. Τιμᾶται δρ. 5.50.
Εἰς τὰς ἐπαρχίας ἀποστέλλεται ἀντὶ δρ. 7 καὶ κατὰ κῶνον χρ. 10.
ΜΕΓΑ ΒΑΣΙΛΙΚΟΝ ΦΑΡΜΑΚΕΙΟΝ
Ν. ΒΑΚΤΑΛΟΠΟΥΛΟΥ
75 Ὁδὸς Σόλωνος καὶ Ἱπποκράτους 75
ΓΑΛΑ ΠΡΟΒΕΙΟ ΥΜΗΤΤΟΥ
Μόνον εἰς τὸ ἐπὶ τῆς ὁδοῦ Πραξιτέλους καὶ παρὰ τὸν Ἅγ. Γεώργιον γαλακτοπωλεῖον «ΑΓΙΑ ΤΡΙΑΔΑ» πρῴην γαλακτοπωλείου ΑΝΔΡ. ΓΙΑΝΝΕΤΖΟΥ, εὑρίσκεται τὸ ἀγνότερον γάλα τῆς Αἰγὸς καὶ τῆς Ἀγελάδος καὶ τὸ προβειο διὰ μὲν κατὰ τὰς ἡμέρας τοῦ ἔτους καὶ διὰ τοῦ Ὑμηττοῦ κάθε πρωῒ ἀναμεμειγμένον, καὶ τὸ γιαούρτι καὶ τὰ γαλακτοπολικά τῶν ὑγειῶν μας.
ΤΟ ΚΑΤΑΣΤΗΜΑ
ΑΔΕΛΦΩΝ ΜΑΛΤΣΙΝΙΩΤΗ
ΜΕΤΕΦΕΡΘΗ
Ἐπὶ τῆς ὁδοῦ Ἑρμοῦ ἀρ. 13 Κάτωθι τοῦ ὑπουργείου τῆς Δικαιοσύνης καὶ ἀπέναντι τῶν Καταστημάτων Πάλλη καὶ Κοτζιᾶ.
